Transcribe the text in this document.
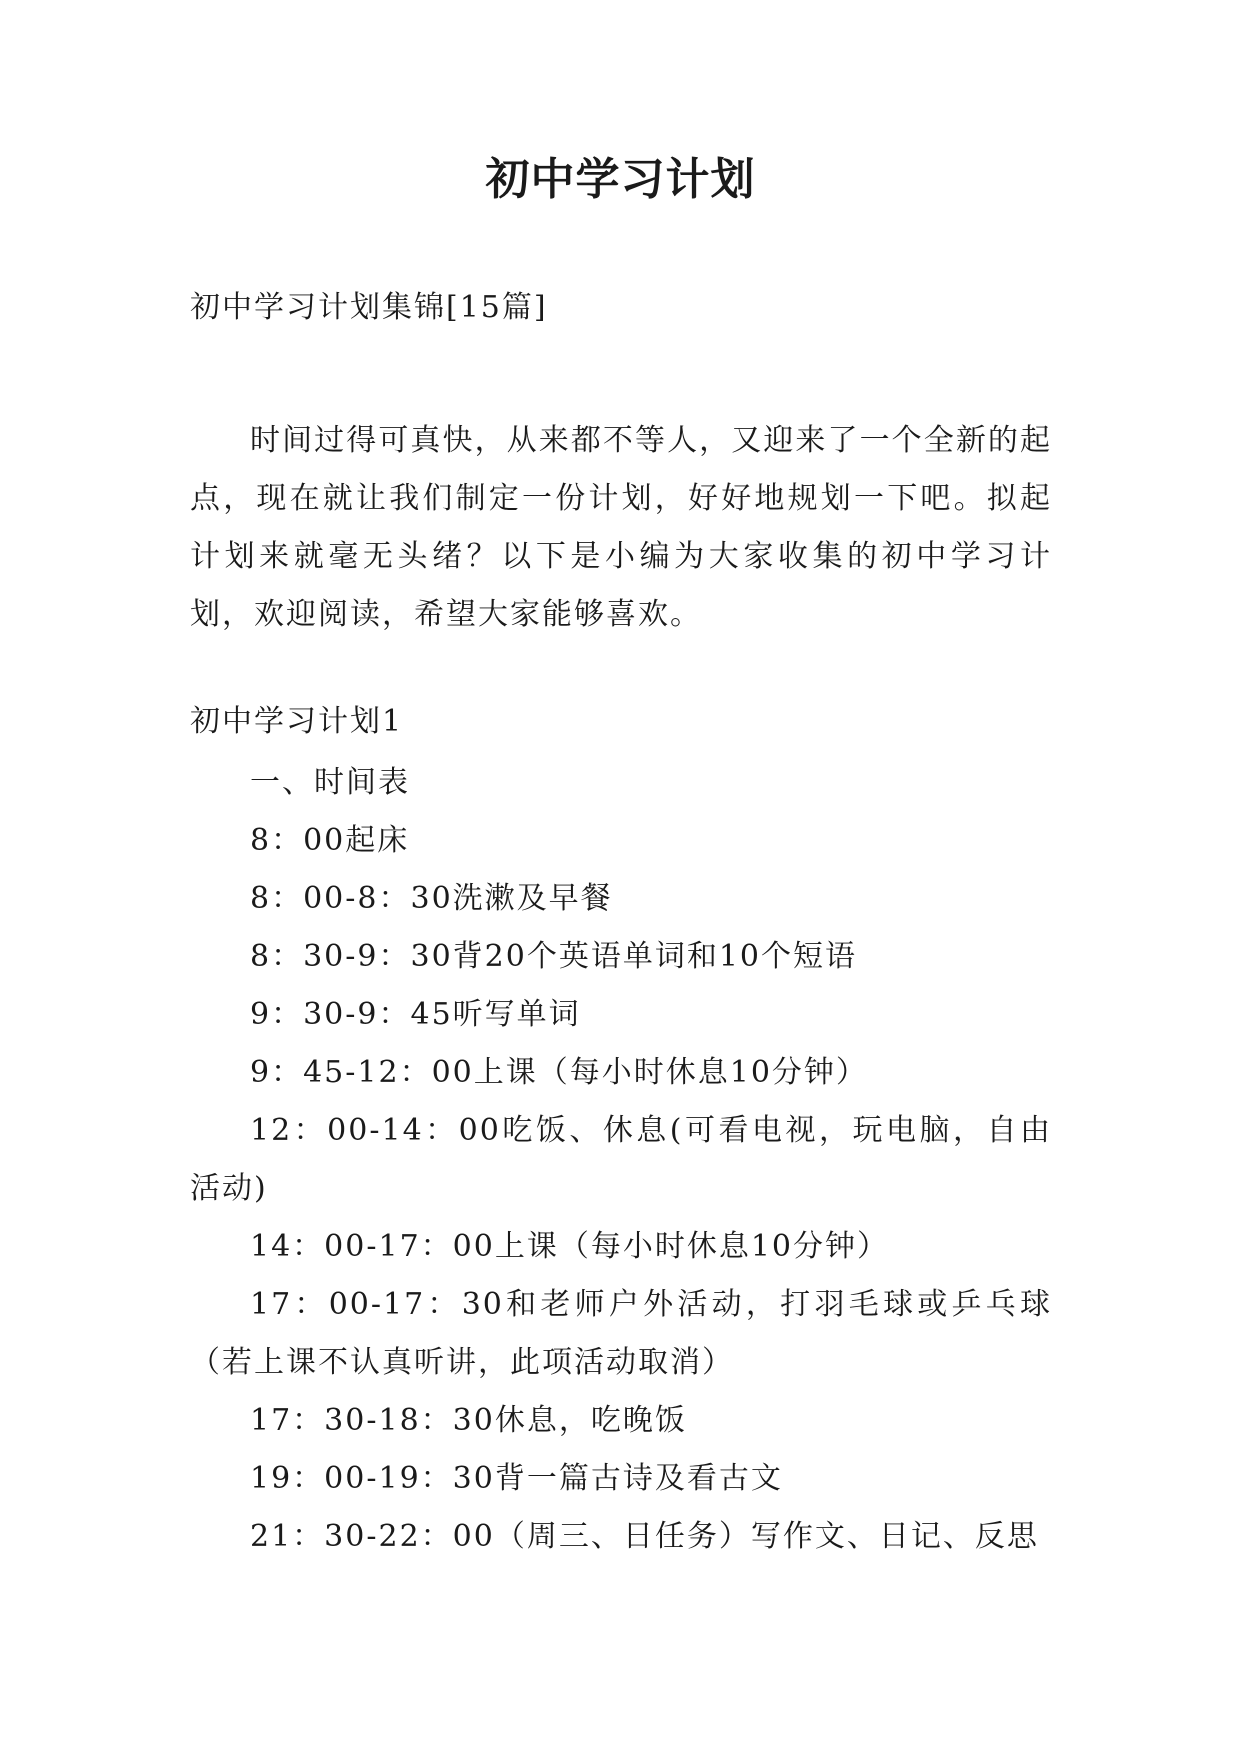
初中学习计划

初中学习计划集锦[15篇]

时间过得可真快，从来都不等人，又迎来了一个全新的起点，现在就让我们制定一份计划，好好地规划一下吧。拟起计划来就毫无头绪？以下是小编为大家收集的初中学习计划，欢迎阅读，希望大家能够喜欢。

初中学习计划1

一、时间表

8：00起床

8：00-8：30洗漱及早餐

8：30-9：30背20个英语单词和10个短语

9：30-9：45听写单词

9：45-12：00上课（每小时休息10分钟）

12：00-14：00吃饭、休息(可看电视，玩电脑，自由活动)

14：00-17：00上课（每小时休息10分钟）

17：00-17：30和老师户外活动，打羽毛球或乒乓球（若上课不认真听讲，此项活动取消）

17：30-18：30休息，吃晚饭

19：00-19：30背一篇古诗及看古文

21：30-22：00（周三、日任务）写作文、日记、反思
